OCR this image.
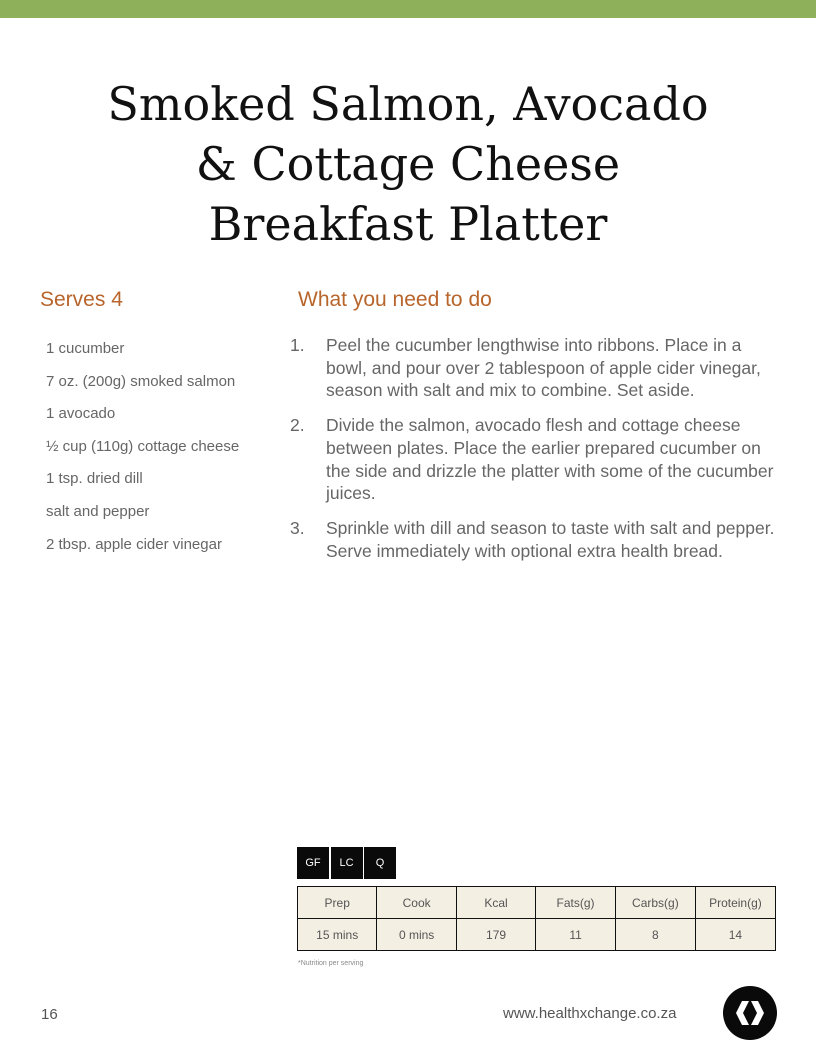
Smoked Salmon, Avocado
& Cottage Cheese
Breakfast Platter
Serves 4	What you need to do
1 cucumber
7 oz. (200g) smoked salmon
1 avocado
½ cup (110g) cottage cheese
1 tsp. dried dill
salt and pepper
2 tbsp. apple cider vinegar
1.	Peel the cucumber lengthwise into ribbons. Place in a bowl, and pour over 2 tablespoon of apple cider vinegar, season with salt and mix to combine. Set aside.
2.	Divide the salmon, avocado flesh and cottage cheese between plates. Place the earlier prepared cucumber on the side and drizzle the platter with some of the cucumber juices.
3.	Sprinkle with dill and season to taste with salt and pepper. Serve immediately with optional extra health bread.
GF	LC	Q
Prep	Cook	Kcal	Fats(g)	Carbs(g)	Protein(g)
15 mins	0 mins	179	11	8	14
*Nutrition per serving
16	www.healthxchange.co.za
